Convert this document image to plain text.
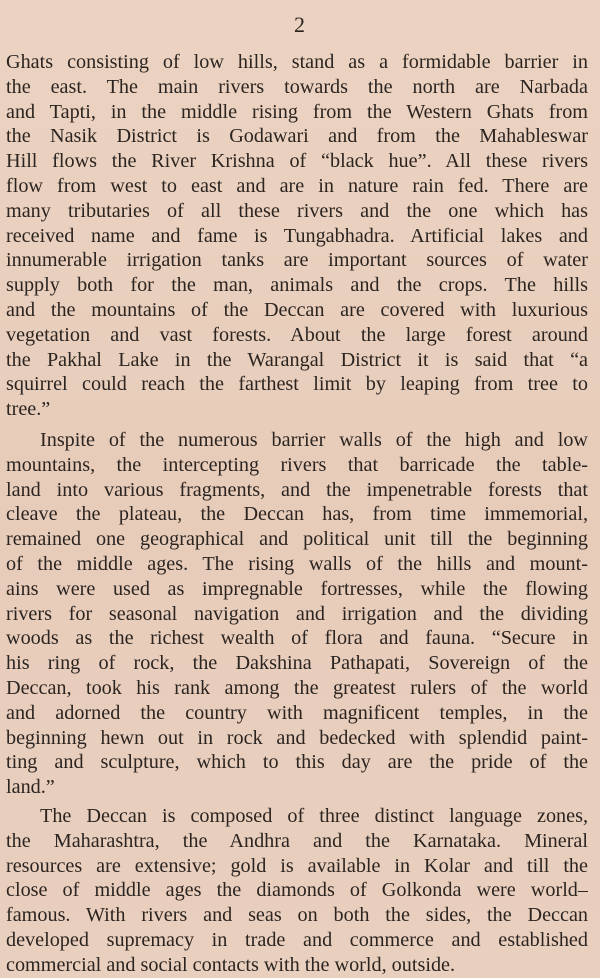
2
Ghats consisting of low hills, stand as a formidable barrier in
the east. The main rivers towards the north are Narbada
and Tapti, in the middle rising from the Western Ghats from
the Nasik District is Godawari and from the Mahableswar
Hill flows the River Krishna of “black hue”. All these rivers
flow from west to east and are in nature rain fed. There are
many tributaries of all these rivers and the one which has
received name and fame is Tungabhadra. Artificial lakes and
innumerable irrigation tanks are important sources of water
supply both for the man, animals and the crops. The hills
and the mountains of the Deccan are covered with luxurious
vegetation and vast forests. About the large forest around
the Pakhal Lake in the Warangal District it is said that “a
squirrel could reach the farthest limit by leaping from tree to
tree.”
Inspite of the numerous barrier walls of the high and low
mountains, the intercepting rivers that barricade the table-
land into various fragments, and the impenetrable forests that
cleave the plateau, the Deccan has, from time immemorial,
remained one geographical and political unit till the beginning
of the middle ages. The rising walls of the hills and mount-
ains were used as impregnable fortresses, while the flowing
rivers for seasonal navigation and irrigation and the dividing
woods as the richest wealth of flora and fauna. “Secure in
his ring of rock, the Dakshina Pathapati, Sovereign of the
Deccan, took his rank among the greatest rulers of the world
and adorned the country with magnificent temples, in the
beginning hewn out in rock and bedecked with splendid paint-
ting and sculpture, which to this day are the pride of the
land.”
The Deccan is composed of three distinct language zones,
the Maharashtra, the Andhra and the Karnataka. Mineral
resources are extensive; gold is available in Kolar and till the
close of middle ages the diamonds of Golkonda were world–
famous. With rivers and seas on both the sides, the Deccan
developed supremacy in trade and commerce and established
commercial and social contacts with the world, outside.
